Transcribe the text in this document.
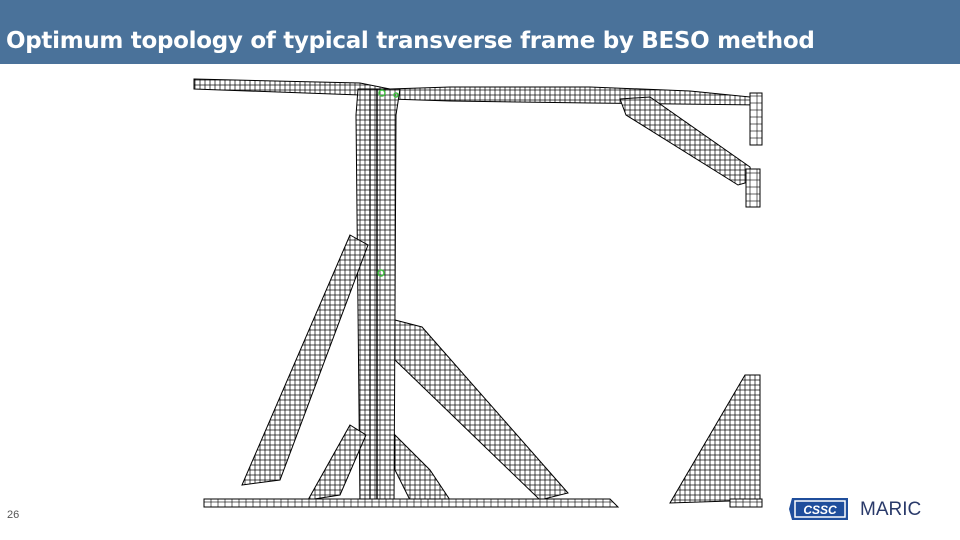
Optimum topology of typical transverse frame by BESO method
26	CSSC MARIC
